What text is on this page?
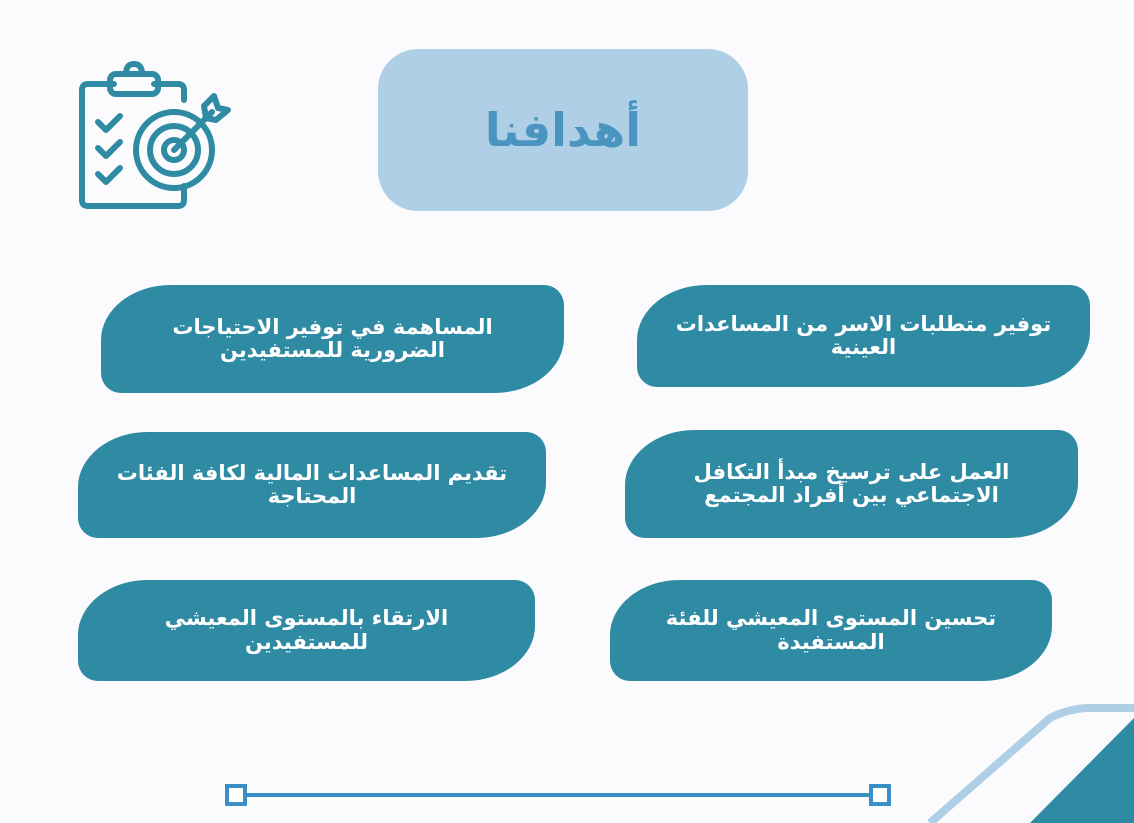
أهدافنا
توفير متطلبات الاسر من المساعدات العينية
المساهمة في توفير الاحتياجات الضرورية للمستفيدين
العمل على ترسيخ مبدأ التكافل الاجتماعي بين أفراد المجتمع
تقديم المساعدات المالية لكافة الفئات المحتاجة
تحسين المستوى المعيشي للفئة المستفيدة
الارتقاء بالمستوى المعيشي للمستفيدين
